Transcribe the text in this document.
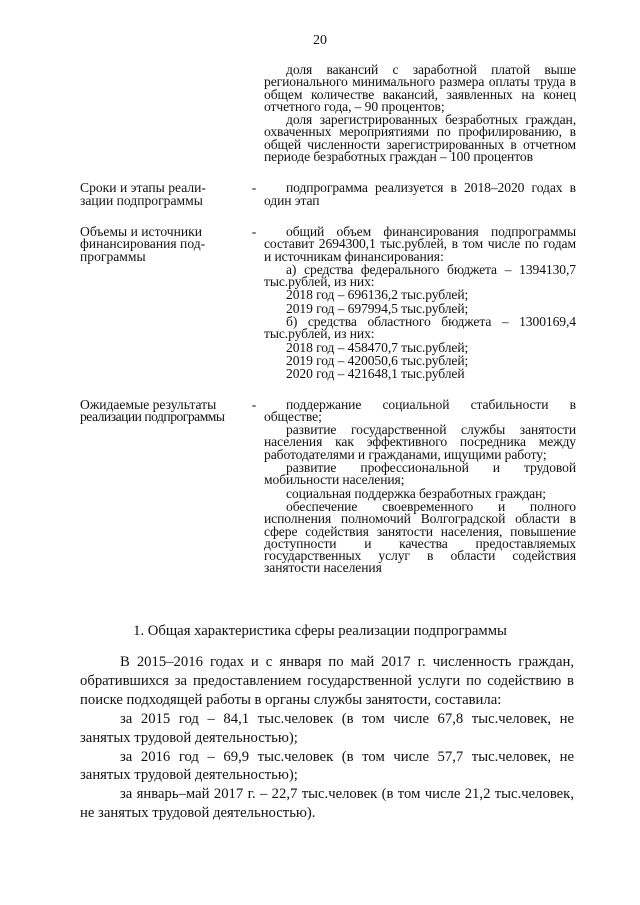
20

доля вакансий с заработной платой выше регионального минимального размера оплаты труда в общем количестве вакансий, заявленных на конец отчетного года, – 90 процентов;

доля зарегистрированных безработных граждан, охваченных мероприятиями по профилированию, в общей численности зарегистрированных в отчетном периоде безработных граждан – 100 процентов

Сроки и этапы реали-
зации подпрограммы
-	подпрограмма реализуется в 2018–2020 годах в один этап

Объемы и источники
финансирования под-
программы
-	общий объем финансирования подпрограммы составит 2694300,1 тыс.рублей, в том числе по годам и источникам финансирования:

а) средства федерального бюджета – 1394130,7 тыс.рублей, из них:

2018 год – 696136,2 тыс.рублей;

2019 год – 697994,5 тыс.рублей;

б) средства областного бюджета – 1300169,4 тыс.рублей, из них:

2018 год – 458470,7 тыс.рублей;

2019 год – 420050,6 тыс.рублей;

2020 год – 421648,1 тыс.рублей

Ожидаемые результаты
реализации подпрограммы
-	поддержание социальной стабильности в обществе;

развитие государственной службы занятости населения как эффективного посредника между работодателями и гражданами, ищущими работу;

развитие профессиональной и трудовой мобильности населения;

социальная поддержка безработных граждан;

обеспечение своевременного и полного исполнения полномочий Волгоградской области в сфере содействия занятости населения, повышение доступности и качества предоставляемых государственных услуг в области содействия занятости населения

1. Общая характеристика сферы реализации подпрограммы

В 2015–2016 годах и с января по май 2017 г. численность граждан, обратившихся за предоставлением государственной услуги по содействию в поиске подходящей работы в органы службы занятости, составила:

за 2015 год – 84,1 тыс.человек (в том числе 67,8 тыс.человек, не занятых трудовой деятельностью);

за 2016 год – 69,9 тыс.человек (в том числе 57,7 тыс.человек, не занятых трудовой деятельностью);

за январь–май 2017 г. – 22,7 тыс.человек (в том числе 21,2 тыс.человек, не занятых трудовой деятельностью).
